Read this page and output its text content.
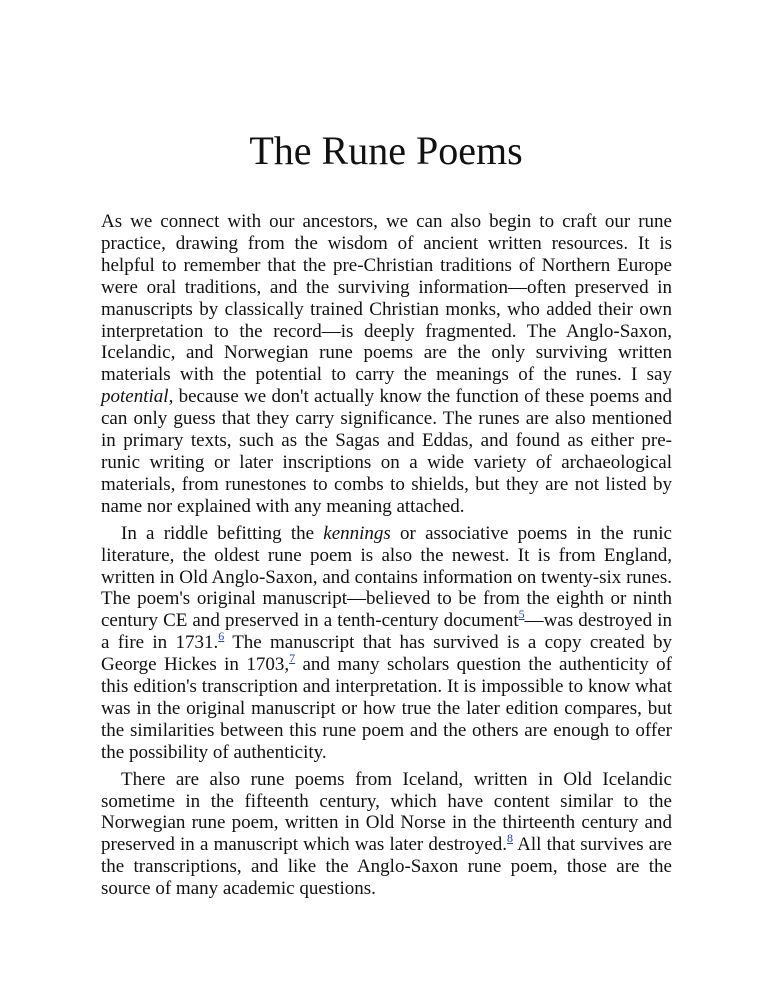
The Rune Poems

As we connect with our ancestors, we can also begin to craft our rune practice, drawing from the wisdom of ancient written resources. It is helpful to remember that the pre-Christian traditions of Northern Europe were oral traditions, and the surviving information—often preserved in manuscripts by classically trained Christian monks, who added their own interpretation to the record—is deeply fragmented. The Anglo-Saxon, Icelandic, and Norwegian rune poems are the only surviving written materials with the potential to carry the meanings of the runes. I say potential, because we don't actually know the function of these poems and can only guess that they carry significance. The runes are also mentioned in primary texts, such as the Sagas and Eddas, and found as either pre-runic writing or later inscriptions on a wide variety of archaeological materials, from runestones to combs to shields, but they are not listed by name nor explained with any meaning attached.

In a riddle befitting the kennings or associative poems in the runic literature, the oldest rune poem is also the newest. It is from England, written in Old Anglo-Saxon, and contains information on twenty-six runes. The poem's original manuscript—believed to be from the eighth or ninth century CE and preserved in a tenth-century document$^5$—was destroyed in a fire in 1731.$^6$ The manuscript that has survived is a copy created by George Hickes in 1703,$^7$ and many scholars question the authenticity of this edition's transcription and interpretation. It is impossible to know what was in the original manuscript or how true the later edition compares, but the similarities between this rune poem and the others are enough to offer the possibility of authenticity.

There are also rune poems from Iceland, written in Old Icelandic sometime in the fifteenth century, which have content similar to the Norwegian rune poem, written in Old Norse in the thirteenth century and preserved in a manuscript which was later destroyed.$^8$ All that survives are the transcriptions, and like the Anglo-Saxon rune poem, those are the source of many academic questions.
